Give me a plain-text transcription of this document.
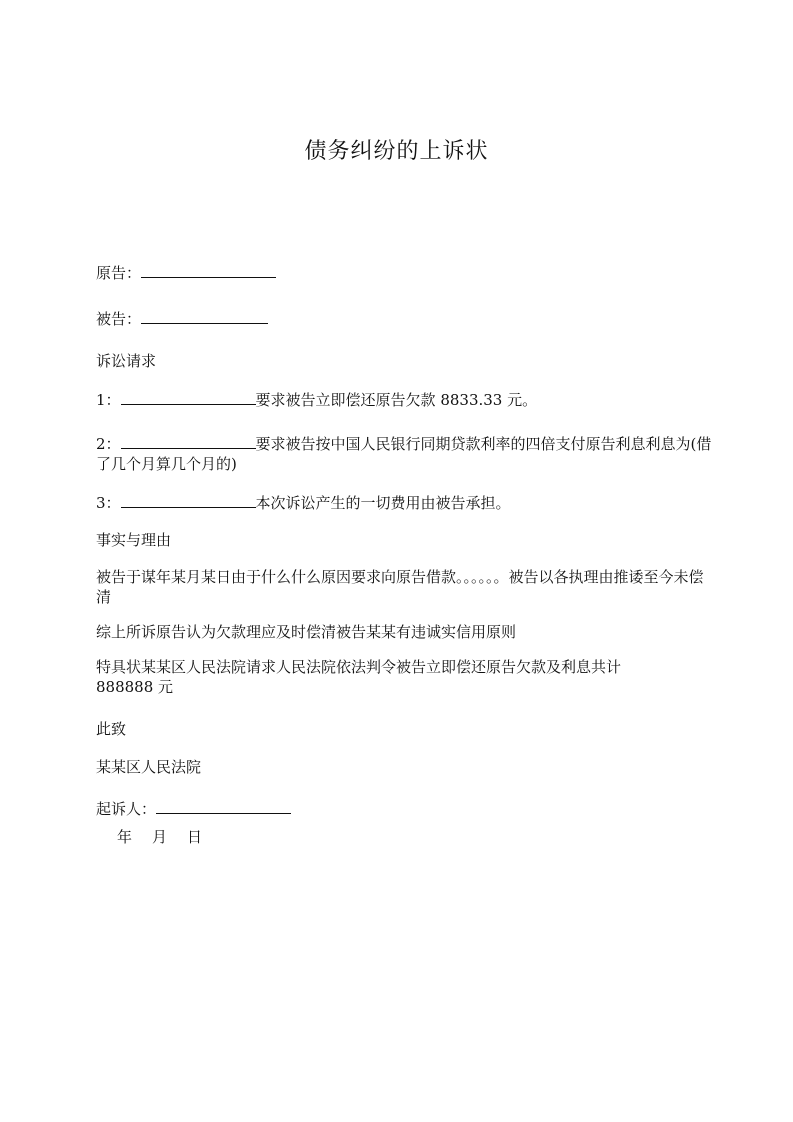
债务纠纷的上诉状

原告：

被告：

诉讼请求

1：	要求被告立即偿还原告欠款 8833.33 元。

2：	要求被告按中国人民银行同期贷款利率的四倍支付原告利息利息为(借了几个月算几个月的)

3：	本次诉讼产生的一切费用由被告承担。

事实与理由

被告于谋年某月某日由于什么什么原因要求向原告借款。。。。。。被告以各执理由推诿至今未偿清

综上所诉原告认为欠款理应及时偿清被告某某有违诚实信用原则

特具状某某区人民法院请求人民法院依法判令被告立即偿还原告欠款及利息共计 888888 元

此致

某某区人民法院

起诉人：

年 月 日
